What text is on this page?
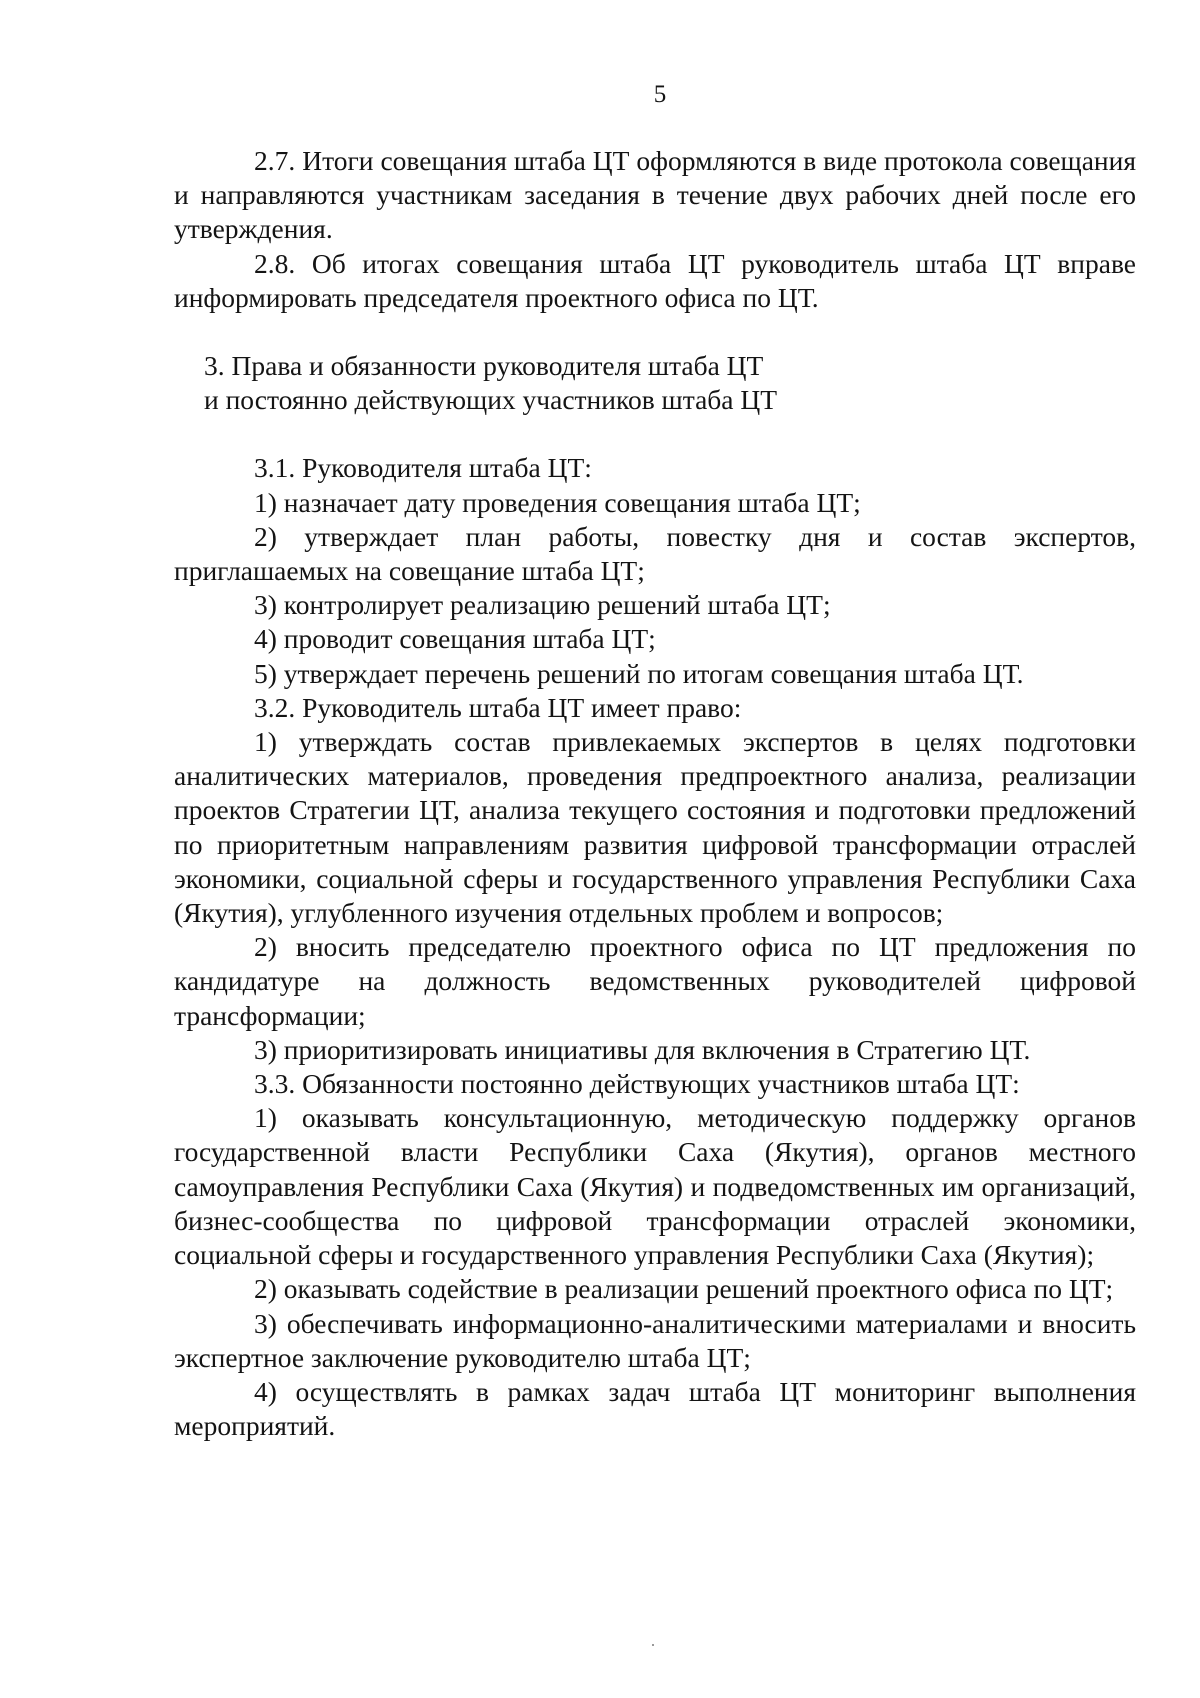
5

2.7. Итоги совещания штаба ЦТ оформляются в виде протокола совещания и направляются участникам заседания в течение двух рабочих дней после его утверждения.

2.8. Об итогах совещания штаба ЦТ руководитель штаба ЦТ вправе информировать председателя проектного офиса по ЦТ.

3. Права и обязанности руководителя штаба ЦТ
и постоянно действующих участников штаба ЦТ

3.1. Руководителя штаба ЦТ:

1) назначает дату проведения совещания штаба ЦТ;

2) утверждает план работы, повестку дня и состав экспертов, приглашаемых на совещание штаба ЦТ;

3) контролирует реализацию решений штаба ЦТ;

4) проводит совещания штаба ЦТ;

5) утверждает перечень решений по итогам совещания штаба ЦТ.

3.2. Руководитель штаба ЦТ имеет право:

1) утверждать состав привлекаемых экспертов в целях подготовки аналитических материалов, проведения предпроектного анализа, реализации проектов Стратегии ЦТ, анализа текущего состояния и подготовки предложений по приоритетным направлениям развития цифровой трансформации отраслей экономики, социальной сферы и государственного управления Республики Саха (Якутия), углубленного изучения отдельных проблем и вопросов;

2) вносить председателю проектного офиса по ЦТ предложения по кандидатуре на должность ведомственных руководителей цифровой трансформации;

3) приоритизировать инициативы для включения в Стратегию ЦТ.

3.3. Обязанности постоянно действующих участников штаба ЦТ:

1) оказывать консультационную, методическую поддержку органов государственной власти Республики Саха (Якутия), органов местного самоуправления Республики Саха (Якутия) и подведомственных им организаций, бизнес-сообщества по цифровой трансформации отраслей экономики, социальной сферы и государственного управления Республики Саха (Якутия);

2) оказывать содействие в реализации решений проектного офиса по ЦТ;

3) обеспечивать информационно-аналитическими материалами и вносить экспертное заключение руководителю штаба ЦТ;

4) осуществлять в рамках задач штаба ЦТ мониторинг выполнения мероприятий.
